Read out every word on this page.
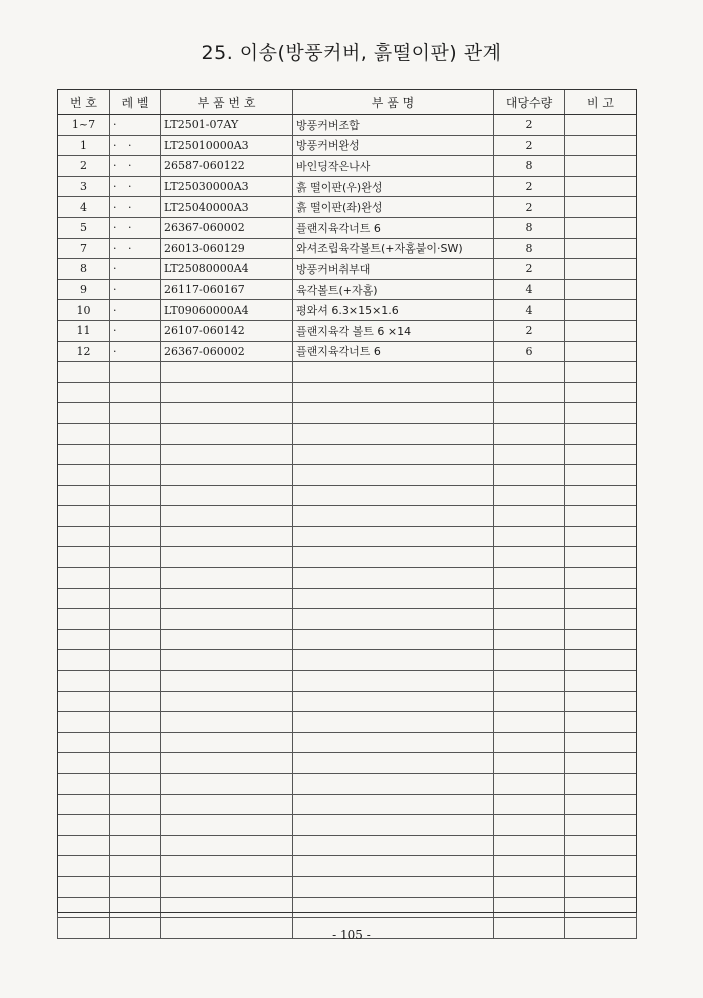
25. 이송(방풍커버, 흙떨이판) 관계
번 호	레 벨	부 품 번 호	부 품 명	대당수량	비 고
1~7	·	LT2501-07AY	방풍커버조합	2	
1	· ·	LT25010000A3	방풍커버완성	2	
2	· ·	26587-060122	바인딩작은나사	8	
3	· ·	LT25030000A3	흙 떨이판(우)완성	2	
4	· ·	LT25040000A3	흙 떨이판(좌)완성	2	
5	· ·	26367-060002	플랜지육각너트 6	8	
7	· ·	26013-060129	와셔조립육각볼트(+자홈붙이·SW)	8	
8	·	LT25080000A4	방풍커버취부대	2	
9	·	26117-060167	육각볼트(+자홈)	4	
10	·	LT09060000A4	평와셔 6.3×15×1.6	4	
11	·	26107-060142	플랜지육각 볼트 6 ×14	2	
12	·	26367-060002	플랜지육각너트 6	6	

- 105 -
